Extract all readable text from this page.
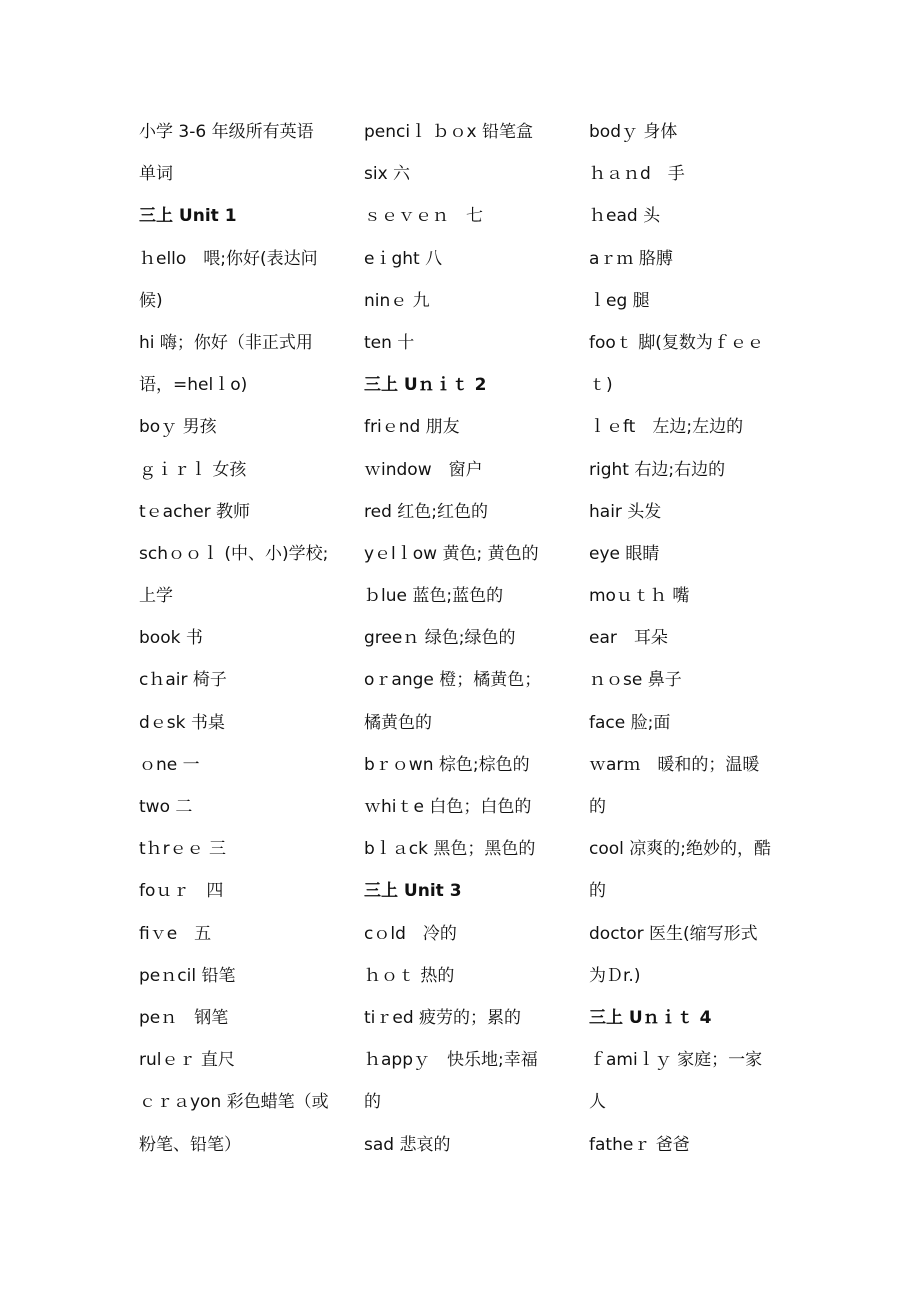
小学 3-6 年级所有英语
单词
三上 Unit 1
ｈello　喂;你好(表达问
候)
hi 嗨；你好（非正式用
语，=helｌo)
boｙ 男孩
ｇｉｒｌ 女孩
tｅacher 教师
schｏｏｌ (中、小)学校;
上学
book 书
cｈair 椅子
dｅsk 书桌
ｏne 一
two 二
tｈrｅｅ 三
foｕｒ　四
fiｖe　五
peｎcil 铅笔
peｎ　钢笔
rulｅｒ 直尺
ｃｒａyon 彩色蜡笔（或
粉笔、铅笔）
penciｌ ｂｏx 铅笔盒
six 六
ｓｅｖｅｎ　七
eｉght 八
ninｅ 九
ten 十
三上 Uｎｉｔ 2
friｅnd 朋友
ｗindow　窗户
red 红色;红色的
yｅlｌow 黄色; 黄色的
ｂlue 蓝色;蓝色的
greeｎ 绿色;绿色的
oｒange 橙；橘黄色；
橘黄色的
bｒｏwn 棕色;棕色的
ｗhiｔe 白色；白色的
bｌａck 黑色；黑色的
三上 Unit 3
cｏld　冷的
ｈｏｔ 热的
tiｒed 疲劳的；累的
ｈappｙ　快乐地;幸福
的
sad 悲哀的
bodｙ 身体
ｈａｎd　手
ｈead 头
aｒｍ 胳膊
ｌeg 腿
fooｔ 脚(复数为ｆｅｅ
ｔ)
ｌｅft　左边;左边的
right 右边;右边的
hair 头发
eye 眼睛
moｕｔｈ 嘴
ear　耳朵
ｎｏse 鼻子
face 脸;面
ｗarｍ　暖和的；温暖
的
cool 凉爽的;绝妙的，酷
的
doctor 医生(缩写形式
为Ｄr.)
三上 Uｎｉｔ 4
ｆamiｌｙ 家庭；一家
人
fatheｒ 爸爸
